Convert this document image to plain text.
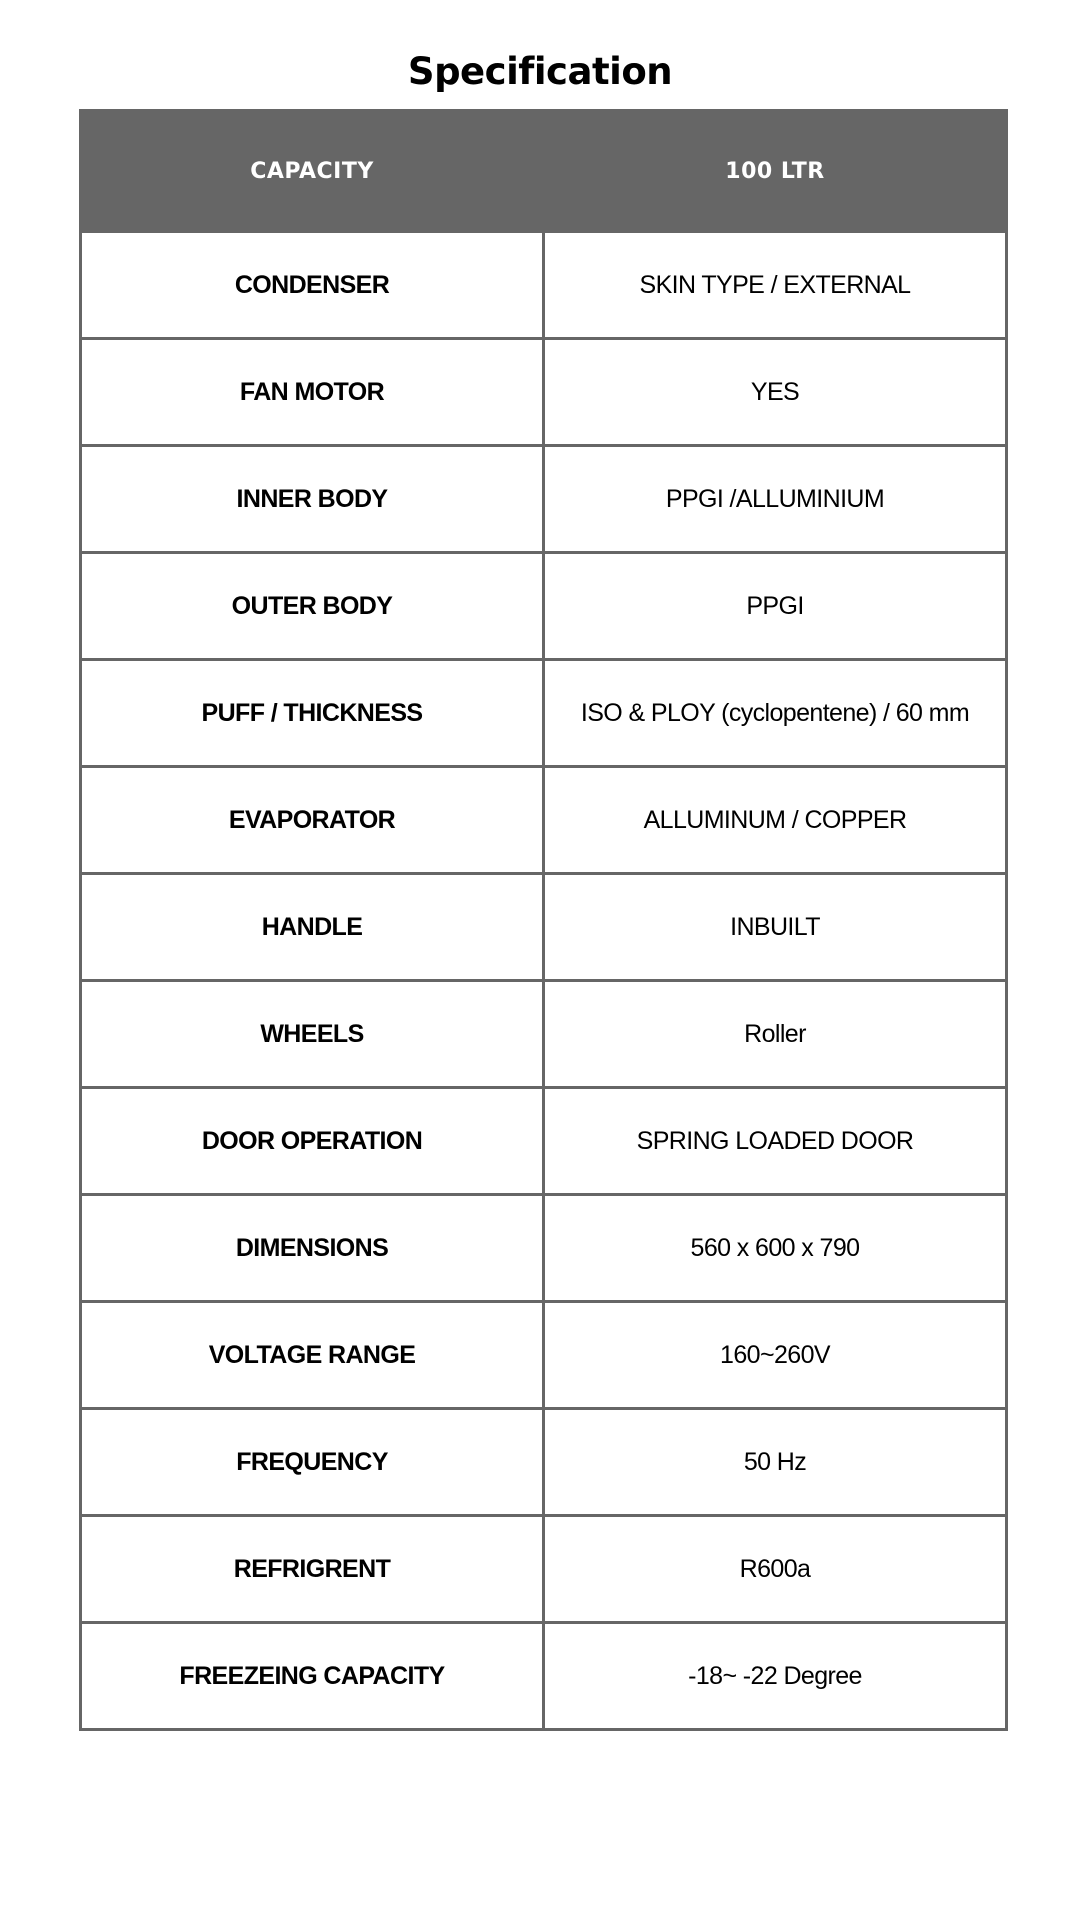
Specification
CAPACITY	100 LTR
CONDENSER	SKIN TYPE / EXTERNAL
FAN MOTOR	YES
INNER BODY	PPGI /ALLUMINIUM
OUTER BODY	PPGI
PUFF / THICKNESS	ISO & PLOY (cyclopentene) / 60 mm
EVAPORATOR	ALLUMINUM / COPPER
HANDLE	INBUILT
WHEELS	Roller
DOOR OPERATION	SPRING LOADED DOOR
DIMENSIONS	560 x 600 x 790
VOLTAGE RANGE	160~260V
FREQUENCY	50 Hz
REFRIGRENT	R600a
FREEZEING CAPACITY	-18~ -22 Degree
